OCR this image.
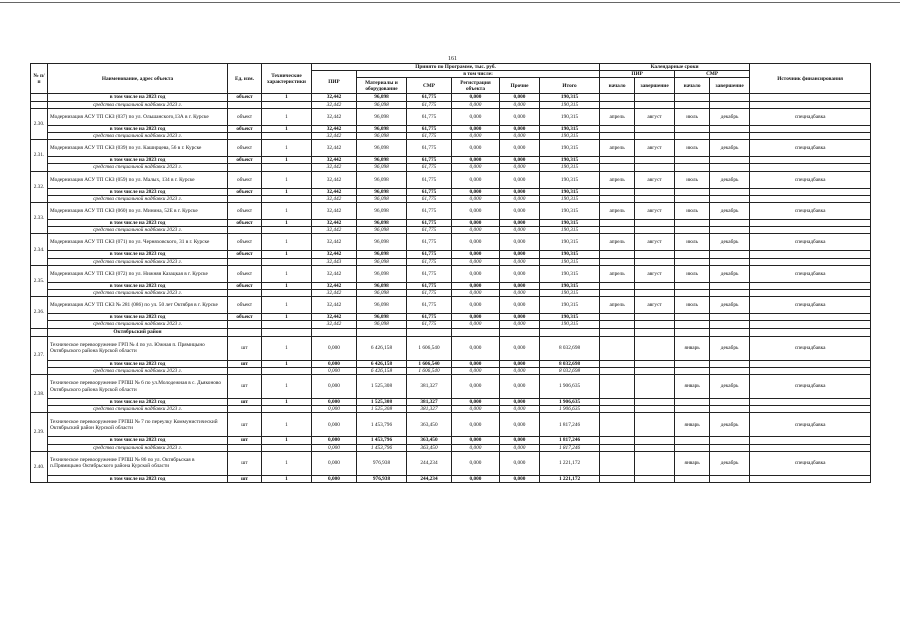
161
№ п/п	Наименование, адрес объекта	Ед. изм.	Технические характеристики	Принято по Программе, тыс. руб.						Календарные сроки				Источник финансирования
				ПИР	в том числе:					ПИР		СМР		
					Материалы и оборудование	СМР	Регистрация объекта	Прочие	Итого	начало	завершение	начало	завершение	
	в том числе на 2023 год	объект	1	32,442	96,098	61,775	0,000	0,000	190,315					
	средства специальной надбавки 2023 г.			32,442	96,098	61,775	0,000	0,000	190,315					
2.30.	Модернизация АСУ ТП СКЗ (037) по ул. Ольшанского,13А в г. Курске	объект	1	32,442	96,098	61,775	0,000	0,000	190,315	апрель	август	июль	декабрь	спецнадбавка
	в том числе на 2023 год	объект	1	32,442	96,098	61,775	0,000	0,000	190,315					
	средства специальной надбавки 2023 г.			32,442	96,098	61,775	0,000	0,000	190,315					
2.31.	Модернизация АСУ ТП СКЗ (039) по ул. Каширцева, 56 в г. Курске	объект	1	32,442	96,098	61,775	0,000	0,000	190,315	апрель	август	июль	декабрь	спецнадбавка
	в том числе на 2023 год	объект	1	32,442	96,098	61,775	0,000	0,000	190,315					
	средства специальной надбавки 2023 г.			32,442	96,098	61,775	0,000	0,000	190,315					
2.32.	Модернизация АСУ ТП СКЗ (059) по ул. Малых, 134 в г. Курске	объект	1	32,442	96,098	61,775	0,000	0,000	190,315	апрель	август	июль	декабрь	спецнадбавка
	в том числе на 2023 год	объект	1	32,442	96,098	61,775	0,000	0,000	190,315					
	средства специальной надбавки 2023 г.			32,442	96,098	61,775	0,000	0,000	190,315					
2.33.	Модернизация АСУ ТП СКЗ (060) по ул. Минина, 52Е в г. Курске	объект	1	32,442	96,098	61,775	0,000	0,000	190,315	апрель	август	июль	декабрь	спецнадбавка
	в том числе на 2023 год	объект	1	32,442	96,098	61,775	0,000	0,000	190,315					
	средства специальной надбавки 2023 г.			32,442	96,098	61,775	0,000	0,000	190,315					
2.34.	Модернизация АСУ ТП СКЗ (071) по ул. Черняховского, 31 в г. Курске	объект	1	32,442	96,098	61,775	0,000	0,000	190,315	апрель	август	июль	декабрь	спецнадбавка
	в том числе на 2023 год	объект	1	32,442	96,098	61,775	0,000	0,000	190,315					
	средства специальной надбавки 2023 г.			32,443	96,098	61,775	0,000	0,000	190,315					
2.35.	Модернизация АСУ ТП СКЗ (072) по ул. Нижняя Казацкая в г. Курске	объект	1	32,442	96,098	61,775	0,000	0,000	190,315	апрель	август	июль	декабрь	спецнадбавка
	в том числе на 2023 год	объект	1	32,442	96,098	61,775	0,000	0,000	190,315					
	средства специальной надбавки 2023 г.			32,442	96,098	61,775	0,000	0,000	190,315					
2.36.	Модернизация АСУ ТП СКЗ № 281 (086) по ул. 50 лет Октября в г. Курске	объект	1	32,442	96,098	61,775	0,000	0,000	190,315	апрель	август	июль	декабрь	спецнадбавка
	в том числе на 2023 год	объект	1	32,442	96,098	61,775	0,000	0,000	190,315					
	средства специальной надбавки 2023 г.			32,442	96,098	61,775	0,000	0,000	190,315					
	Октябрьский район													
2.37.	Техническое перевооружение ГРП № 4 по ул. Южная п. Прямицыно Октябрьского района Курской области	шт	1	0,000	6 426,158	1 606,540	0,000	0,000	8 032,698			январь	декабрь	спецнадбавка
	в том числе на 2023 год	шт	1	0,000	6 426,158	1 606,540	0,000	0,000	8 032,698					
	средства специальной надбавки 2023 г.			0,000	6 426,158	1 606,540	0,000	0,000	8 032,698					
2.38.	Техническое перевооружение ГРПШ № 6 по ул.Молодежная в с. Дьяконово Октябрьского района Курской области	шт	1	0,000	1 525,308	381,327	0,000	0,000	1 906,635			январь	декабрь	спецнадбавка
	в том числе на 2023 год	шт	1	0,000	1 525,308	381,327	0,000	0,000	1 906,635					
	средства специальной надбавки 2023 г.			0,000	1 525,308	381,327	0,000	0,000	1 906,635					
2.39.	Техническое перевооружение ГРПШ № 7 по переулку Коммунистический Октябрьский район Курской области	шт	1	0,000	1 453,796	363,450	0,000	0,000	1 817,246			январь	декабрь	спецнадбавка
	в том числе на 2023 год	шт	1	0,000	1 453,796	363,450	0,000	0,000	1 817,246					
	средства специальной надбавки 2023 г.			0,000	1 453,796	363,450	0,000	0,000	1 817,246					
2.40.	Техническое перевооружение ГРПШ № 86 по ул. Октябрьская в п.Прямицыно Октябрьского района Курской области	шт	1	0,000	976,938	244,234	0,000	0,000	1 221,172			январь	декабрь	спецнадбавка
	в том числе на 2023 год	шт	1	0,000	976,938	244,234	0,000	0,000	1 221,172					
